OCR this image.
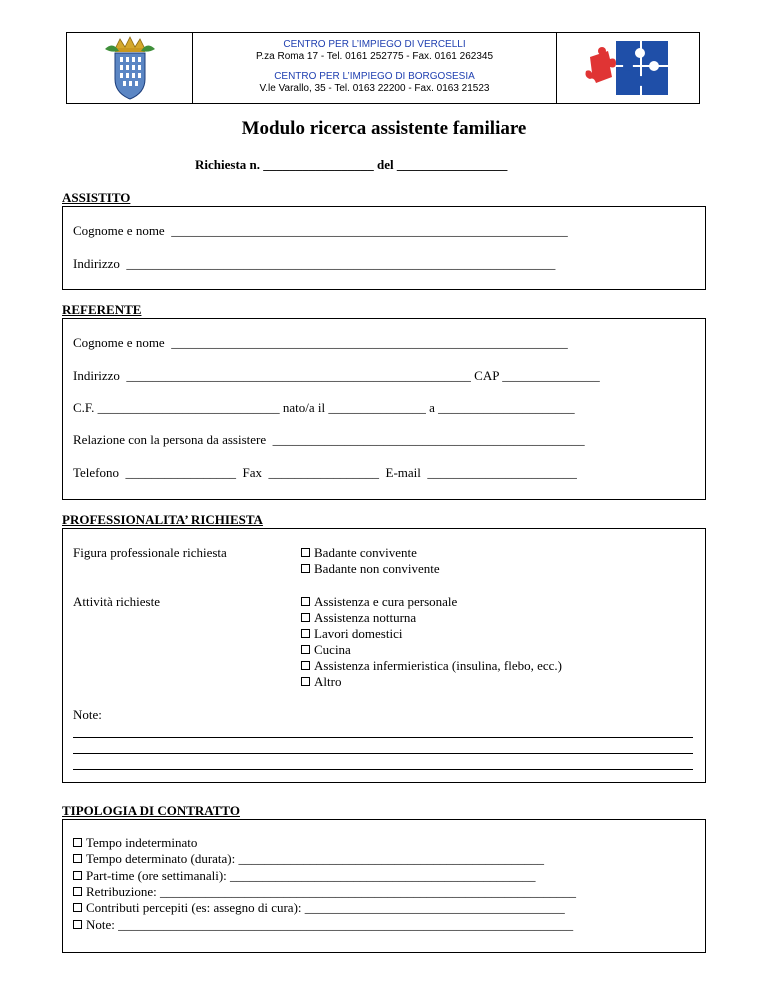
CENTRO PER L’IMPIEGO DI VERCELLI
P.za Roma 17 - Tel. 0161 252775 - Fax. 0161 262345
CENTRO PER L’IMPIEGO DI BORGOSESIA
V.le Varallo, 35 - Tel. 0163 22200 - Fax. 0163 21523
Modulo ricerca assistente familiare
Richiesta n. _________________ del _________________
ASSISTITO
Cognome e nome  _____________________________________________________________
Indirizzo  __________________________________________________________________
REFERENTE
Cognome e nome  _____________________________________________________________
Indirizzo  _____________________________________________________ CAP _______________
C.F. ____________________________ nato/a il _______________ a _____________________
Relazione con la persona da assistere  ________________________________________________
Telefono  _________________  Fax  _________________  E-mail  _______________________
PROFESSIONALITA’ RICHIESTA
Figura professionale richiesta	Badante convivente
Badante non convivente
Attività richieste	Assistenza e cura personale
Assistenza notturna
Lavori domestici
Cucina
Assistenza infermieristica (insulina, flebo, ecc.)
Altro
Note:
TIPOLOGIA DI CONTRATTO
Tempo indeterminato
Tempo determinato (durata): _______________________________________________
Part-time (ore settimanali): _______________________________________________
Retribuzione: ________________________________________________________________
Contributi percepiti (es: assegno di cura): ________________________________________
Note: ______________________________________________________________________
